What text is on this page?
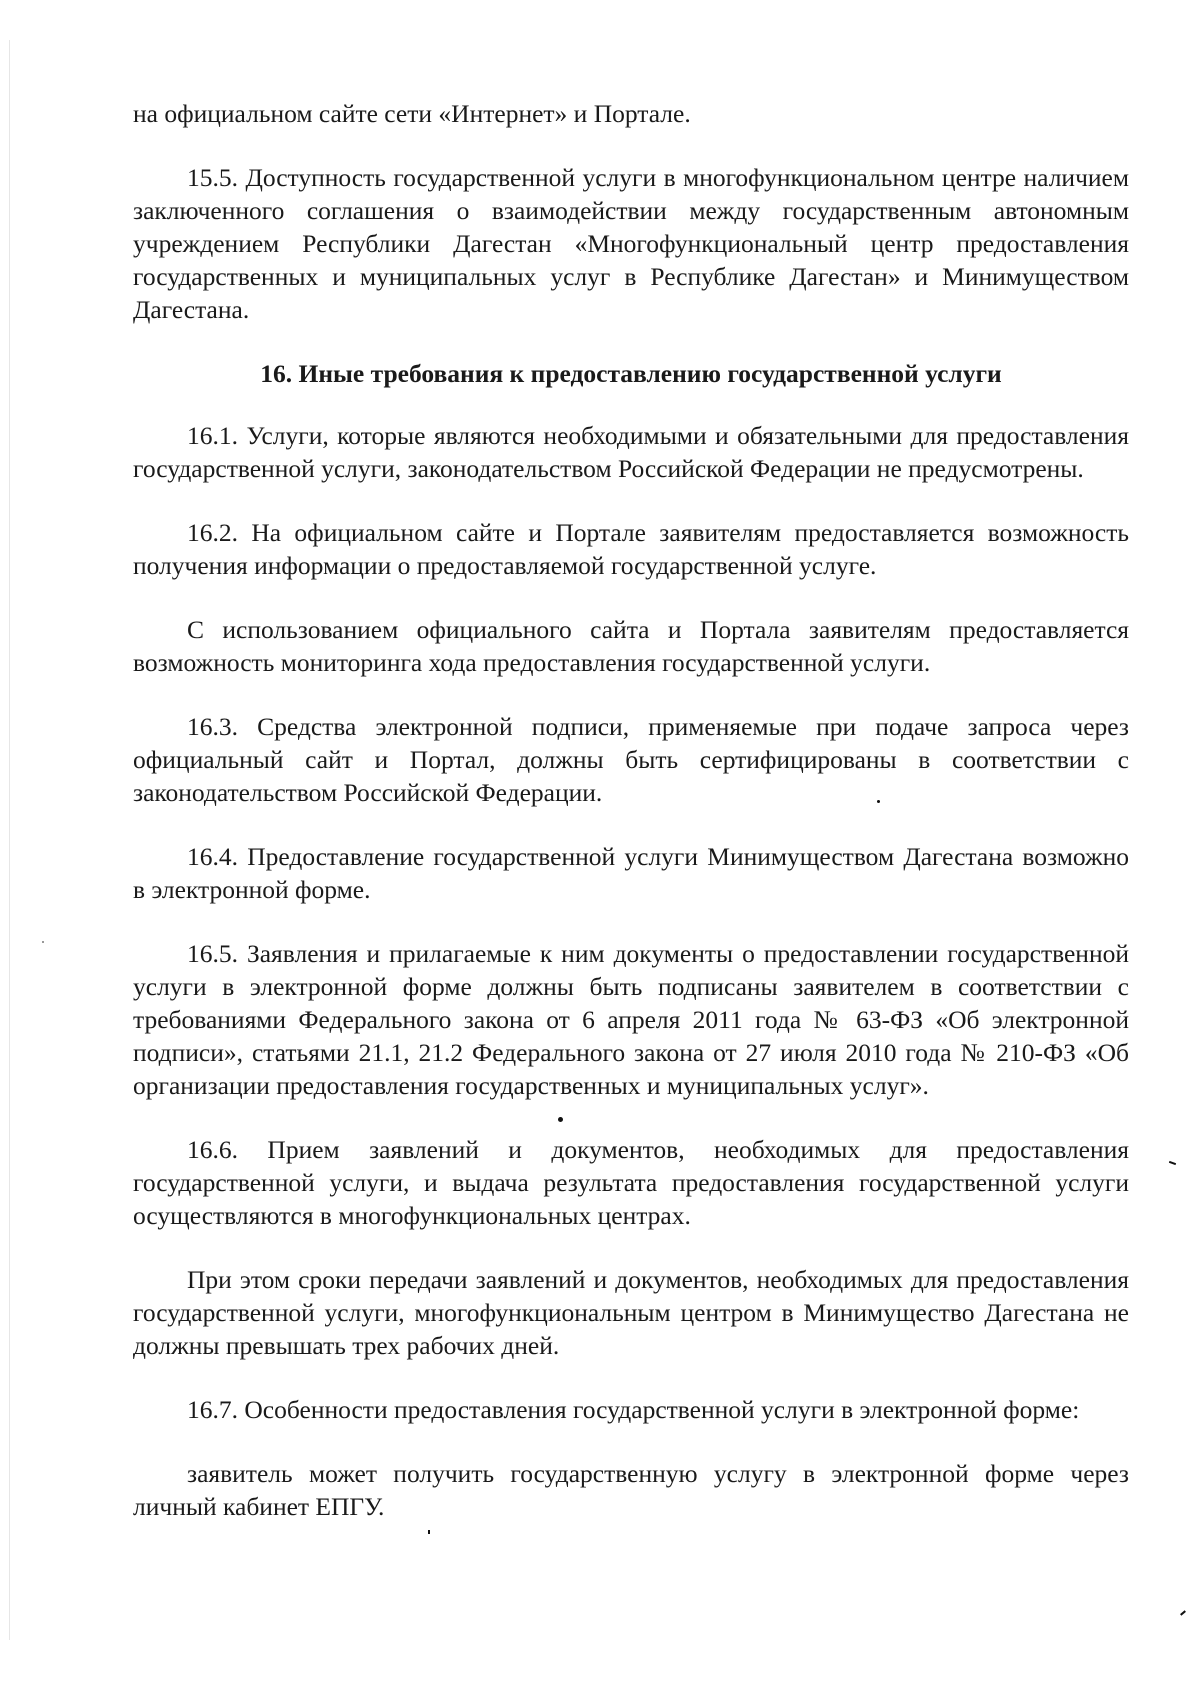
на официальном сайте сети «Интернет» и Портале.

15.5. Доступность государственной услуги в многофункциональном центре наличием заключенного соглашения о взаимодействии между государственным автономным учреждением Республики Дагестан «Многофункциональный центр предоставления государственных и муниципальных услуг в Республике Дагестан» и Минимуществом Дагестана.

16. Иные требования к предоставлению государственной услуги

16.1. Услуги, которые являются необходимыми и обязательными для предоставления государственной услуги, законодательством Российской Федерации не предусмотрены.

16.2. На официальном сайте и Портале заявителям предоставляется возможность получения информации о предоставляемой государственной услуге.

С использованием официального сайта и Портала заявителям предоставляется возможность мониторинга хода предоставления государственной услуги.

16.3. Средства электронной подписи, применяемые при подаче запроса через официальный сайт и Портал, должны быть сертифицированы в соответствии с законодательством Российской Федерации.

16.4. Предоставление государственной услуги Минимуществом Дагестана возможно в электронной форме.

16.5. Заявления и прилагаемые к ним документы о предоставлении государственной услуги в электронной форме должны быть подписаны заявителем в соответствии с требованиями Федерального закона от 6 апреля 2011 года № 63-ФЗ «Об электронной подписи», статьями 21.1, 21.2 Федерального закона от 27 июля 2010 года № 210-ФЗ «Об организации предоставления государственных и муниципальных услуг».

16.6. Прием заявлений и документов, необходимых для предоставления государственной услуги, и выдача результата предоставления государственной услуги осуществляются в многофункциональных центрах.

При этом сроки передачи заявлений и документов, необходимых для предоставления государственной услуги, многофункциональным центром в Минимущество Дагестана не должны превышать трех рабочих дней.

16.7. Особенности предоставления государственной услуги в электронной форме:

заявитель может получить государственную услугу в электронной форме через личный кабинет ЕПГУ.
